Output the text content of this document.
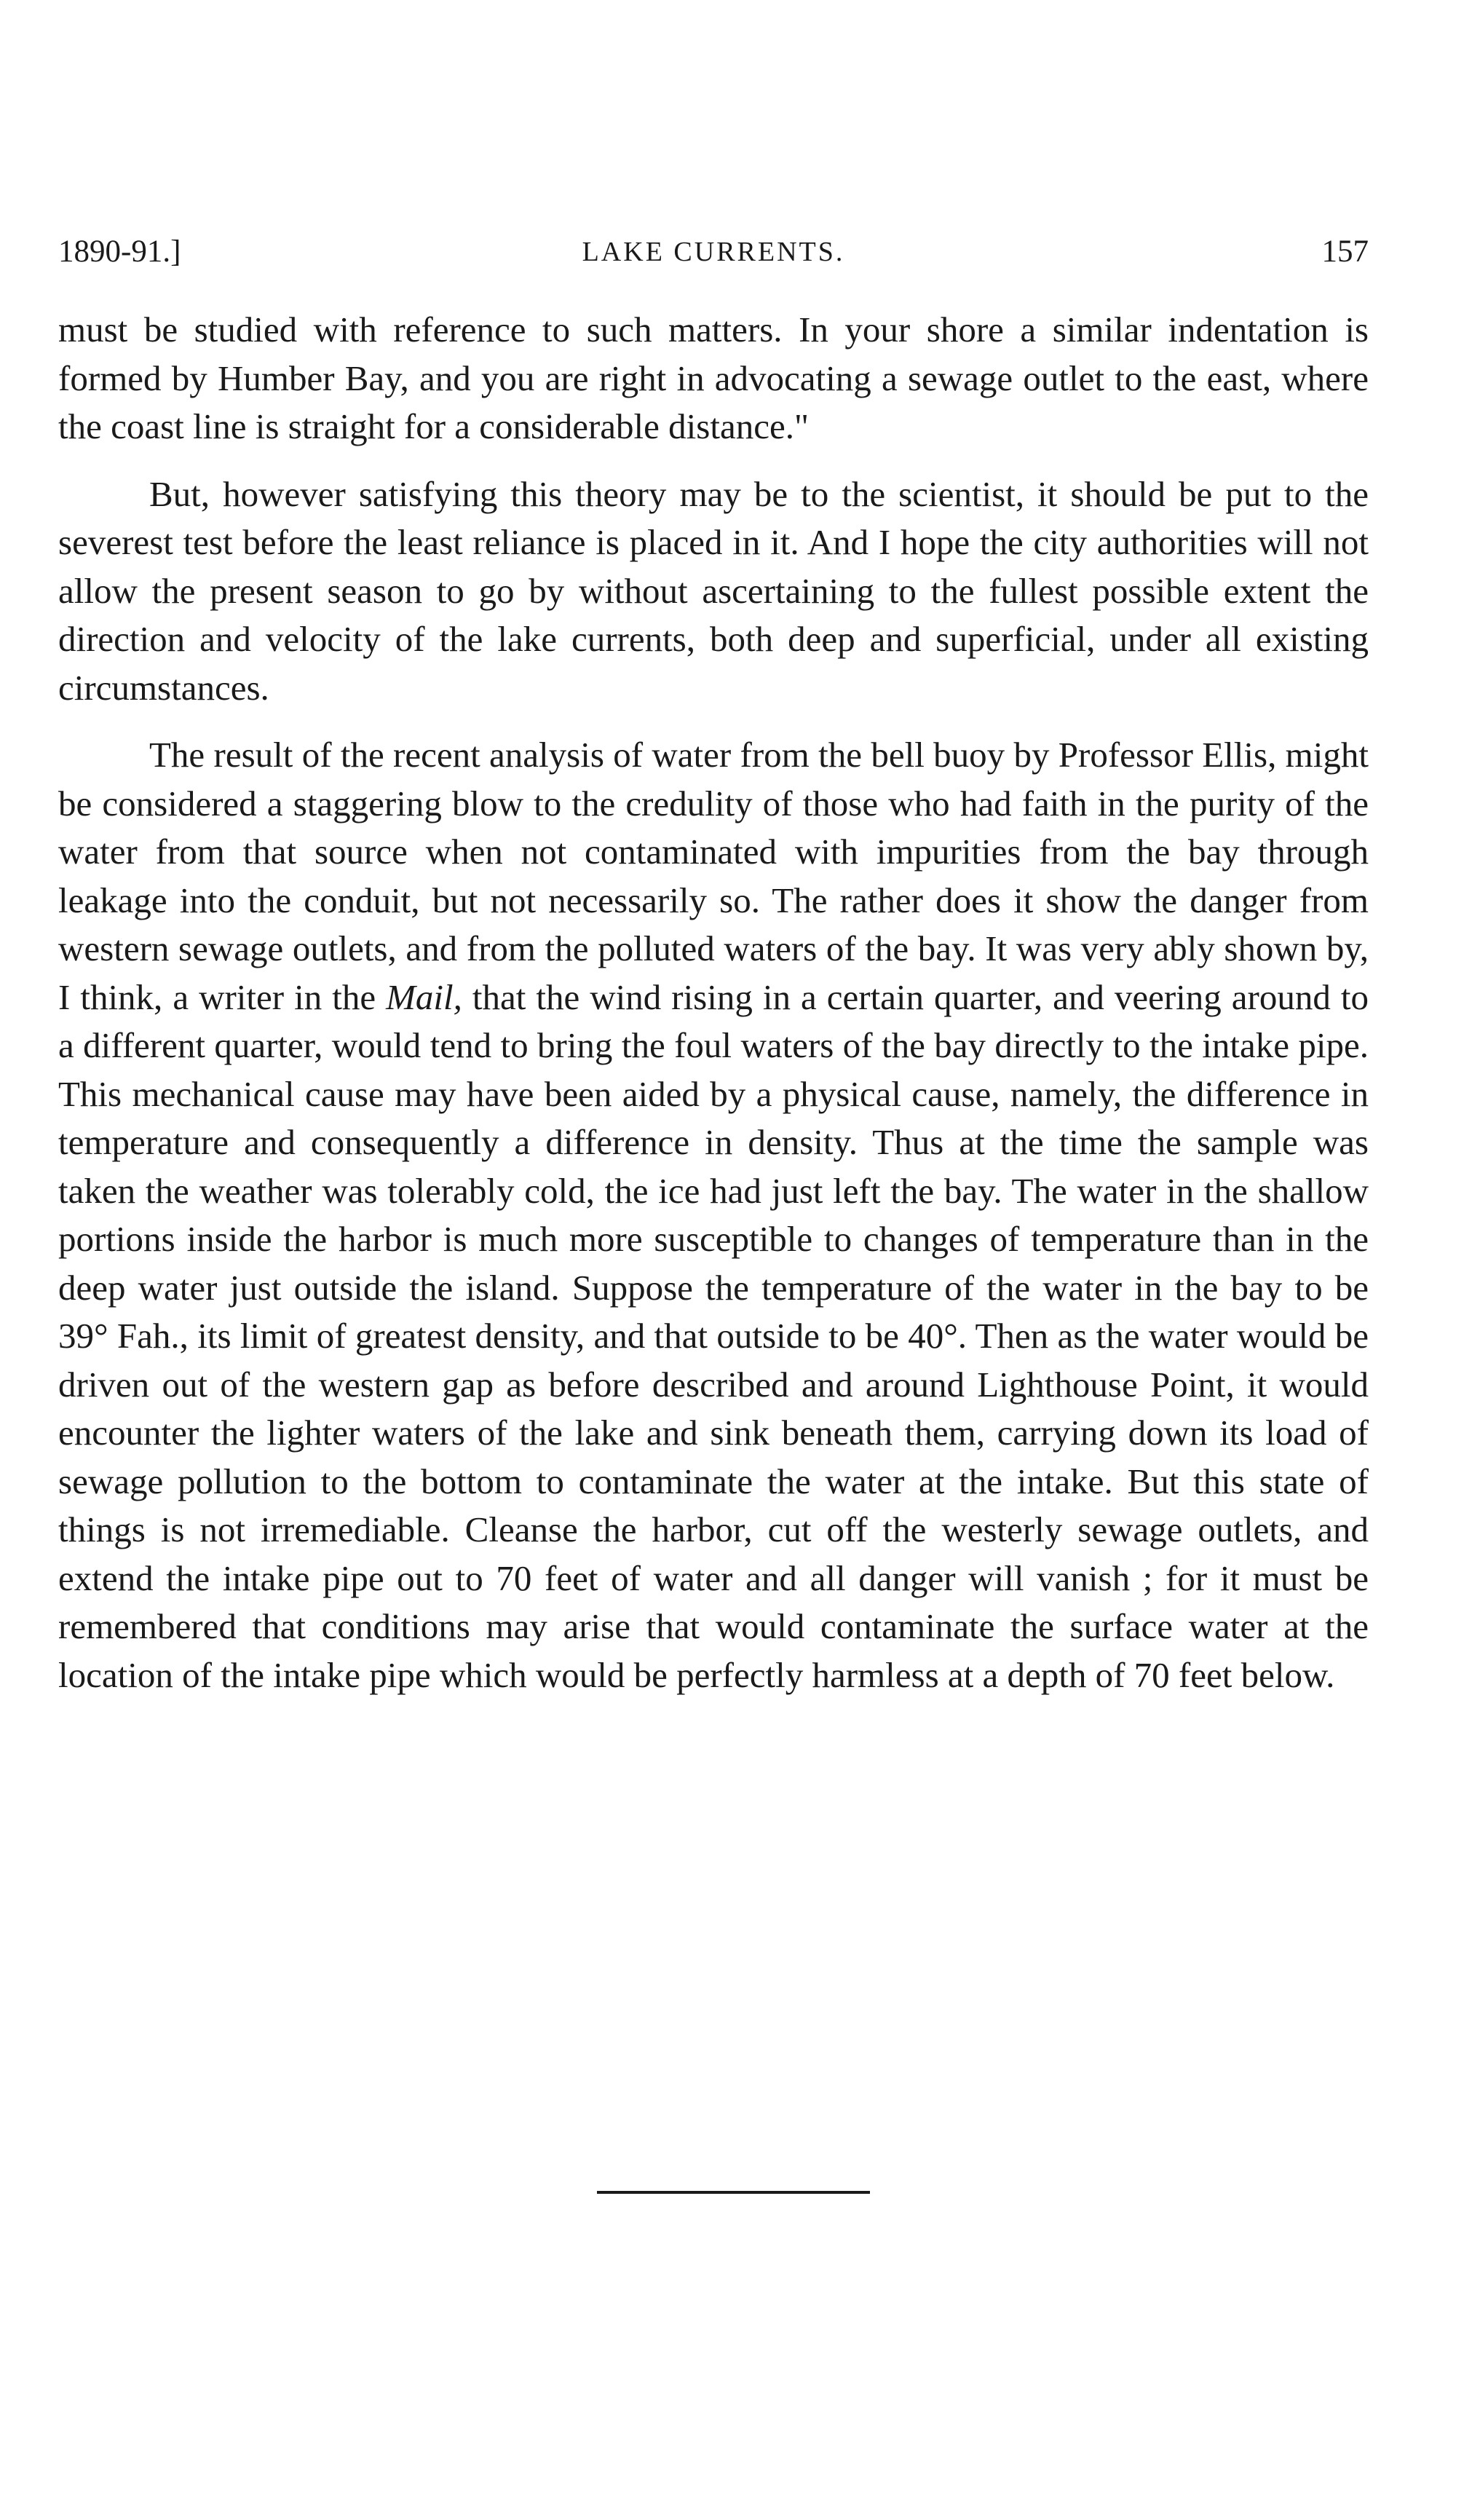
1890-91.]	LAKE CURRENTS.	157

must be studied with reference to such matters. In your shore a similar indentation is formed by Humber Bay, and you are right in advocating a sewage outlet to the east, where the coast line is straight for a considerable distance."

But, however satisfying this theory may be to the scientist, it should be put to the severest test before the least reliance is placed in it. And I hope the city authorities will not allow the present season to go by without ascertaining to the fullest possible extent the direction and velocity of the lake currents, both deep and superficial, under all existing circumstances.

The result of the recent analysis of water from the bell buoy by Professor Ellis, might be considered a staggering blow to the credulity of those who had faith in the purity of the water from that source when not contaminated with impurities from the bay through leakage into the conduit, but not necessarily so. The rather does it show the danger from western sewage outlets, and from the polluted waters of the bay. It was very ably shown by, I think, a writer in the Mail, that the wind rising in a certain quarter, and veering around to a different quarter, would tend to bring the foul waters of the bay directly to the intake pipe. This mechanical cause may have been aided by a physical cause, namely, the difference in temperature and consequently a difference in density. Thus at the time the sample was taken the weather was tolerably cold, the ice had just left the bay. The water in the shallow portions inside the harbor is much more susceptible to changes of temperature than in the deep water just outside the island. Suppose the temperature of the water in the bay to be 39° Fah., its limit of greatest density, and that outside to be 40°. Then as the water would be driven out of the western gap as before described and around Lighthouse Point, it would encounter the lighter waters of the lake and sink beneath them, carrying down its load of sewage pollution to the bottom to contaminate the water at the intake. But this state of things is not irremediable. Cleanse the harbor, cut off the westerly sewage outlets, and extend the intake pipe out to 70 feet of water and all danger will vanish ; for it must be remembered that conditions may arise that would contaminate the surface water at the location of the intake pipe which would be perfectly harmless at a depth of 70 feet below.
